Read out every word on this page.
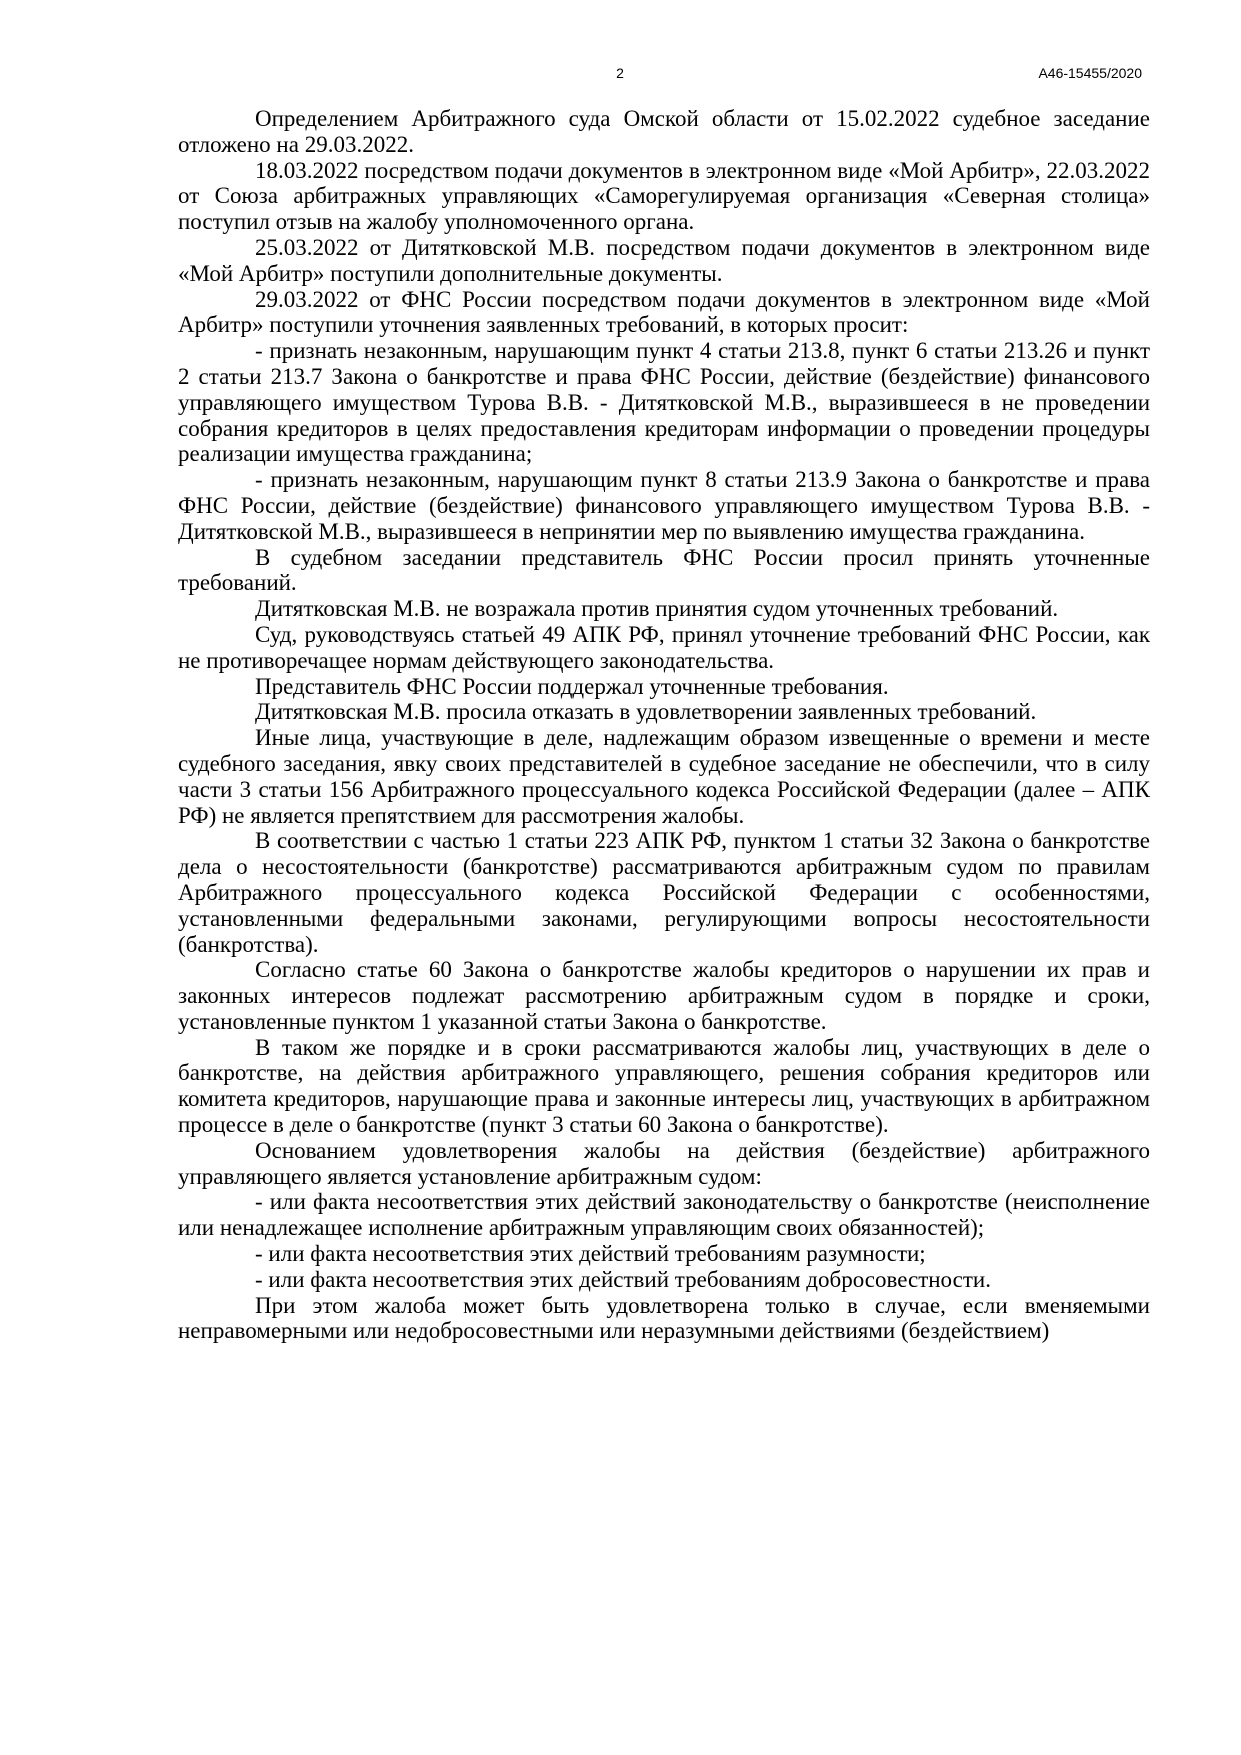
2	А46-15455/2020

Определением Арбитражного суда Омской области от 15.02.2022 судебное заседание отложено на 29.03.2022.

18.03.2022 посредством подачи документов в электронном виде «Мой Арбитр», 22.03.2022 от Союза арбитражных управляющих «Саморегулируемая организация «Северная столица» поступил отзыв на жалобу уполномоченного органа.

25.03.2022 от Дитятковской М.В. посредством подачи документов в электронном виде «Мой Арбитр» поступили дополнительные документы.

29.03.2022 от ФНС России посредством подачи документов в электронном виде «Мой Арбитр» поступили уточнения заявленных требований, в которых просит:

- признать незаконным, нарушающим пункт 4 статьи 213.8, пункт 6 статьи 213.26 и пункт 2 статьи 213.7 Закона о банкротстве и права ФНС России, действие (бездействие) финансового управляющего имуществом Турова В.В. - Дитятковской М.В., выразившееся в не проведении собрания кредиторов в целях предоставления кредиторам информации о проведении процедуры реализации имущества гражданина;

- признать незаконным, нарушающим пункт 8 статьи 213.9 Закона о банкротстве и права ФНС России, действие (бездействие) финансового управляющего имуществом Турова В.В. - Дитятковской М.В., выразившееся в непринятии мер по выявлению имущества гражданина.

В судебном заседании представитель ФНС России просил принять уточненные требований.

Дитятковская М.В. не возражала против принятия судом уточненных требований.

Суд, руководствуясь статьей 49 АПК РФ, принял уточнение требований ФНС России, как не противоречащее нормам действующего законодательства.

Представитель ФНС России поддержал уточненные требования.

Дитятковская М.В. просила отказать в удовлетворении заявленных требований.

Иные лица, участвующие в деле, надлежащим образом извещенные о времени и месте судебного заседания, явку своих представителей в судебное заседание не обеспечили, что в силу части 3 статьи 156 Арбитражного процессуального кодекса Российской Федерации (далее – АПК РФ) не является препятствием для рассмотрения жалобы.

В соответствии с частью 1 статьи 223 АПК РФ, пунктом 1 статьи 32 Закона о банкротстве дела о несостоятельности (банкротстве) рассматриваются арбитражным судом по правилам Арбитражного процессуального кодекса Российской Федерации с особенностями, установленными федеральными законами, регулирующими вопросы несостоятельности (банкротства).

Согласно статье 60 Закона о банкротстве жалобы кредиторов о нарушении их прав и законных интересов подлежат рассмотрению арбитражным судом в порядке и сроки, установленные пунктом 1 указанной статьи Закона о банкротстве.

В таком же порядке и в сроки рассматриваются жалобы лиц, участвующих в деле о банкротстве, на действия арбитражного управляющего, решения собрания кредиторов или комитета кредиторов, нарушающие права и законные интересы лиц, участвующих в арбитражном процессе в деле о банкротстве (пункт 3 статьи 60 Закона о банкротстве).

Основанием удовлетворения жалобы на действия (бездействие) арбитражного управляющего является установление арбитражным судом:

- или факта несоответствия этих действий законодательству о банкротстве (неисполнение или ненадлежащее исполнение арбитражным управляющим своих обязанностей);

- или факта несоответствия этих действий требованиям разумности;

- или факта несоответствия этих действий требованиям добросовестности.

При этом жалоба может быть удовлетворена только в случае, если вменяемыми неправомерными или недобросовестными или неразумными действиями (бездействием)
